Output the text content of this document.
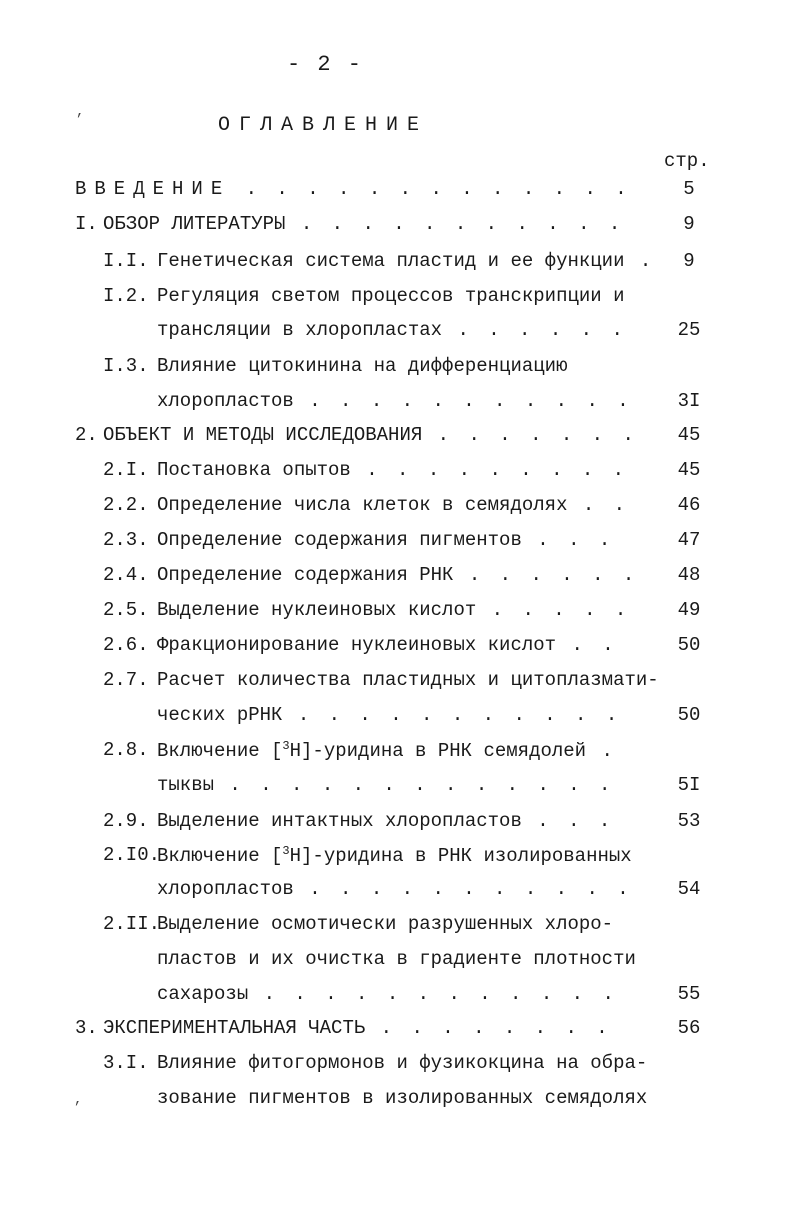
- 2 -
ОГЛАВЛЕНИЕ
стр.
,
,
ВВЕДЕНИЕ . . . . . . . . . . . . .	5
I. ОБЗОР ЛИТЕРАТУРЫ . . . . . . . . . . .	9
I.I. Генетическая система пластид и ее функции .	9
I.2. Регуляция светом процессов транскрипции и
трансляции в хлоропластах . . . . . .	25
I.3. Влияние цитокинина на дифференциацию
хлоропластов . . . . . . . . . . . 3I
2. ОБЪЕКТ И МЕТОДЫ ИССЛЕДОВАНИЯ . . . . . . . 45
2.I. Постановка опытов . . . . . . . . .	45
2.2. Определение числа клеток в семядолях . .	46
2.3. Определение содержания пигментов . . .	47
2.4. Определение содержания РНК . . . . . . 48
2.5. Выделение нуклеиновых кислот . . . . . 49
2.6. Фракционирование нуклеиновых кислот . .	50
2.7. Расчет количества пластидных и цитоплазмати-
ческих рРНК . . . . . . . . . . .	50
2.8. Включение [$^3$H]-уридина в РНК семядолей .
тыквы . . . . . . . . . . . . .	5I
2.9. Выделение интактных хлоропластов . . .	53
2.I0.
Включение [$^3$H]-уридина в РНК изолированных
хлоропластов . . . . . . . . . . . 54
2.II.
Выделение осмотически разрушенных хлоро-
пластов и их очистка в градиенте плотности
сахарозы . . . . . . . . . . . .	55
3. ЭКСПЕРИМЕНТАЛЬНАЯ ЧАСТЬ . . . . . . . .	56
3.I. Влияние фитогормонов и фузикокцина на обра-
зование пигментов в изолированных семядолях
